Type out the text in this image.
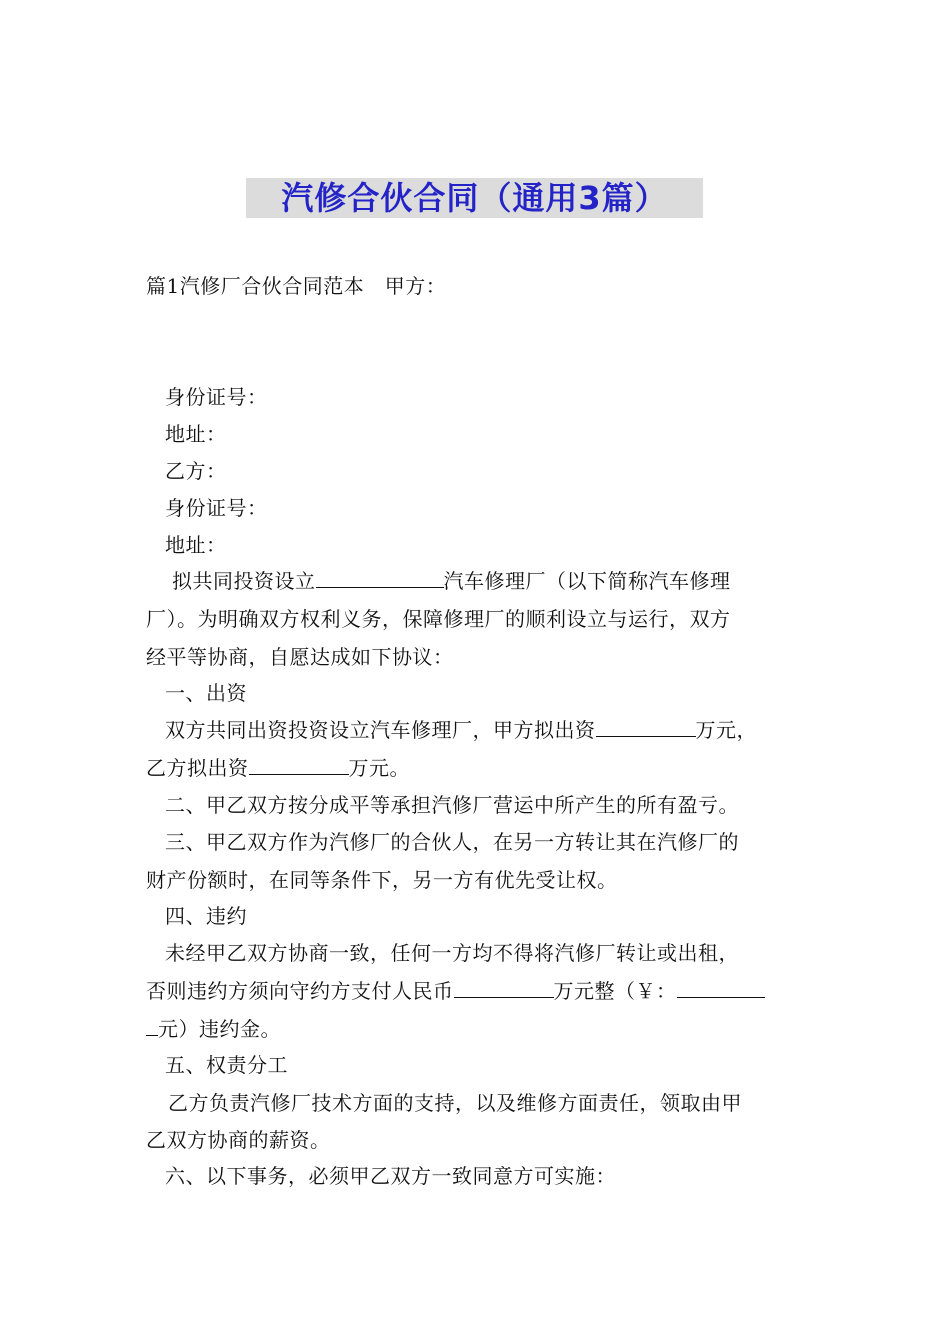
汽修合伙合同（通用3篇）
篇1汽修厂合伙合同范本　甲方：
身份证号：
地址：
乙方：
身份证号：
地址：
拟共同投资设立	汽车修理厂（以下简称汽车修理
厂）。为明确双方权利义务，保障修理厂的顺利设立与运行，双方
经平等协商，自愿达成如下协议：
一、出资
双方共同出资投资设立汽车修理厂，甲方拟出资	万元，
乙方拟出资	万元。
二、甲乙双方按分成平等承担汽修厂营运中所产生的所有盈亏。
三、甲乙双方作为汽修厂的合伙人，在另一方转让其在汽修厂的
财产份额时，在同等条件下，另一方有优先受让权。
四、违约
未经甲乙双方协商一致，任何一方均不得将汽修厂转让或出租，
否则违约方须向守约方支付人民币	万元整（￥：
元）违约金。
五、权责分工
乙方负责汽修厂技术方面的支持，以及维修方面责任，领取由甲
乙双方协商的薪资。
六、以下事务，必须甲乙双方一致同意方可实施：
